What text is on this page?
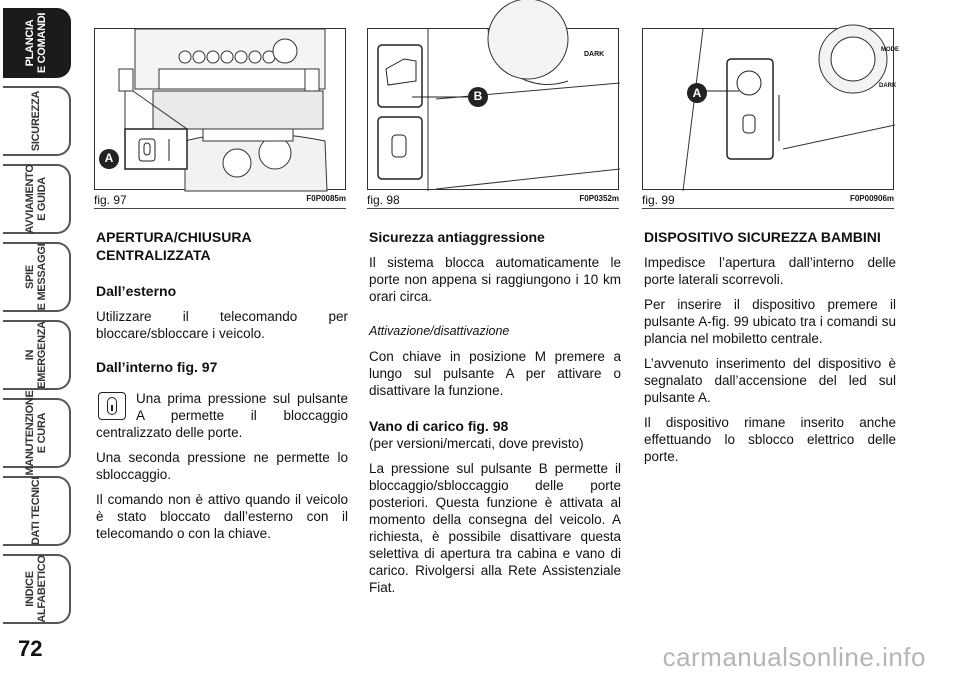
PLANCIA
E COMANDI
SICUREZZA
AVVIAMENTO
E GUIDA
SPIE
E MESSAGGI
IN
EMERGENZA
MANUTENZIONE
E CURA
DATI TECNICI
INDICE
ALFABETICO
72
A
fig. 97	F0P0085m
B
DARK
fig. 98	F0P0352m
A
MODE
DARK
fig. 99	F0P00906m
APERTURA/CHIUSURA CENTRALIZZATA
Dall’esterno

Utilizzare il telecomando per bloccare/sbloccare i veicolo.

Dall’interno fig. 97

Una prima pressione sul pulsante A permette il bloccaggio centralizzato delle porte.

Una seconda pressione ne permette lo sbloccaggio.

Il comando non è attivo quando il veicolo è stato bloccato dall’esterno con il telecomando o con la chiave.

Sicurezza antiaggressione

Il sistema blocca automaticamente le porte non appena si raggiungono i 10 km orari circa.

Attivazione/disattivazione

Con chiave in posizione M premere a lungo sul pulsante A per attivare o disattivare la funzione.

Vano di carico fig. 98

(per versioni/mercati, dove previsto)

La pressione sul pulsante B permette il bloccaggio/sbloccaggio delle porte posteriori. Questa funzione è attivata al momento della consegna del veicolo. A richiesta, è possibile disattivare questa selettiva di apertura tra cabina e vano di carico. Rivolgersi alla Rete Assistenziale Fiat.

DISPOSITIVO SICUREZZA BAMBINI

Impedisce l’apertura dall’interno delle porte laterali scorrevoli.

Per inserire il dispositivo premere il pulsante A-fig. 99 ubicato tra i comandi su plancia nel mobiletto centrale.

L’avvenuto inserimento del dispositivo è segnalato dall’accensione del led sul pulsante A.

Il dispositivo rimane inserito anche effettuando lo sblocco elettrico delle porte.

carmanualsonline.info
